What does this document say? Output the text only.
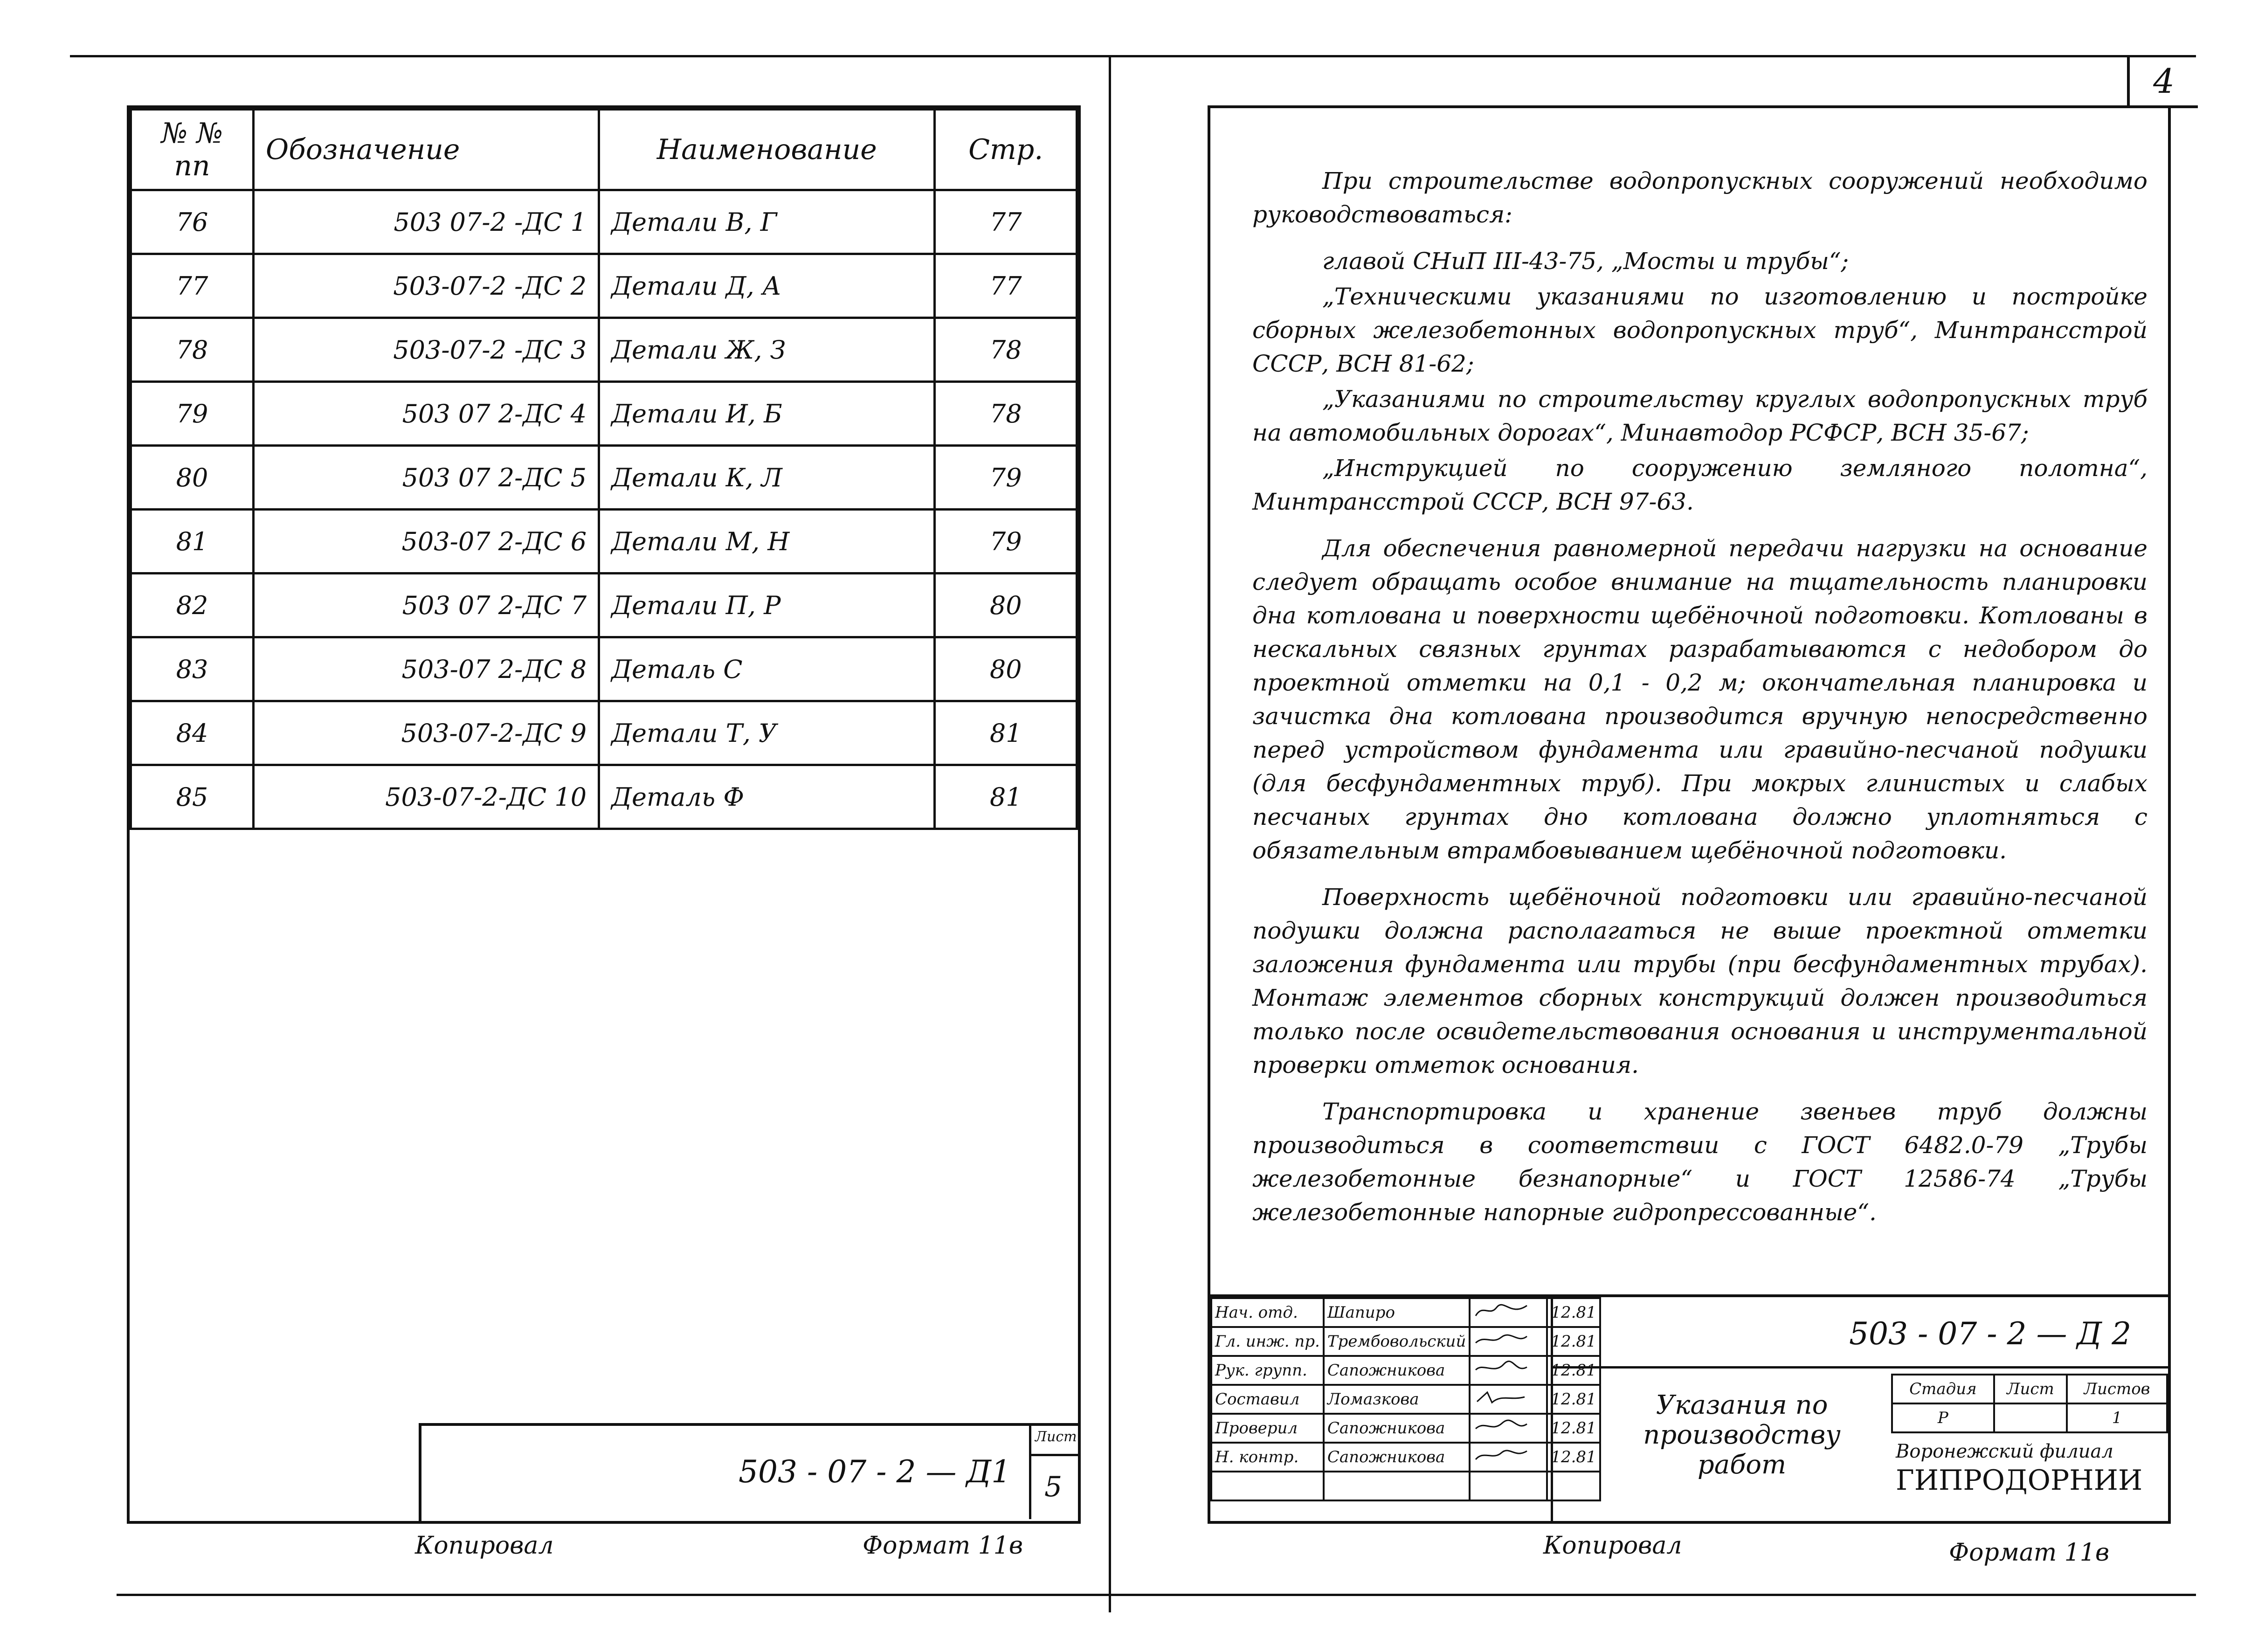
№ № пп	Обозначение	Наименование	Стр.
76	503 07-2 -ДС 1	Детали В, Г	77
77	503-07-2 -ДС 2	Детали Д, А	77
78	503-07-2 -ДС 3	Детали Ж, З	78
79	503 07 2-ДС 4	Детали И, Б	78
80	503 07 2-ДС 5	Детали К, Л	79
81	503-07 2-ДС 6	Детали М, Н	79
82	503 07 2-ДС 7	Детали П, Р	80
83	503-07 2-ДС 8	Деталь С	80
84	503-07-2-ДС 9	Детали Т, У	81
85	503-07-2-ДС 10	Деталь Ф	81
503 - 07 - 2 — Д1
Лист
5
Копировал	Формат 11в
4

При строительстве водопропускных сооружений необходимо руководствоваться:

главой СНиП III-43-75, „Мосты и трубы“;

„Техническими указаниями по изготовлению и постройке сборных железобетонных водопропускных труб“, Минтрансстрой СССР, ВСН 81-62;

„Указаниями по строительству круглых водопропускных труб на автомобильных дорогах“, Минавтодор РСФСР, ВСН 35-67;

„Инструкцией по сооружению земляного полотна“, Минтрансстрой СССР, ВСН 97-63.

Для обеспечения равномерной передачи нагрузки на основание следует обращать особое внимание на тщательность планировки дна котлована и поверхности щебёночной подготовки. Котлованы в нескальных связных грунтах разрабатываются с недобором до проектной отметки на 0,1 - 0,2 м; окончательная планировка и зачистка дна котлована производится вручную непосредственно перед устройством фундамента или гравийно-песчаной подушки (для бесфундаментных труб). При мокрых глинистых и слабых песчаных грунтах дно котлована должно уплотняться с обязательным втрамбовыванием щебёночной подготовки.

Поверхность щебёночной подготовки или гравийно-песчаной подушки должна располагаться не выше проектной отметки заложения фундамента или трубы (при бесфундаментных трубах). Монтаж элементов сборных конструкций должен производиться только после освидетельствования основания и инструментальной проверки отметок основания.

Транспортировка и хранение звеньев труб должны производиться в соответствии с ГОСТ 6482.0-79 „Трубы железобетонные безнапорные“ и ГОСТ 12586-74 „Трубы железобетонные напорные гидропрессованные“.

Нач. отд.	Шапиро		12.81
Гл. инж. пр.	Трембовольский		12.81
Рук. групп.	Сапожникова		12.81
Составил	Ломазкова		12.81
Проверил	Сапожникова		12.81
Н. контр.	Сапожникова		12.81

503 - 07 - 2 — Д 2
Указания по производству работ
Стадия	Лист	Листов
Р		1
Воронежский филиал
ГИПРОДОРНИИ
Копировал	Формат 11в
